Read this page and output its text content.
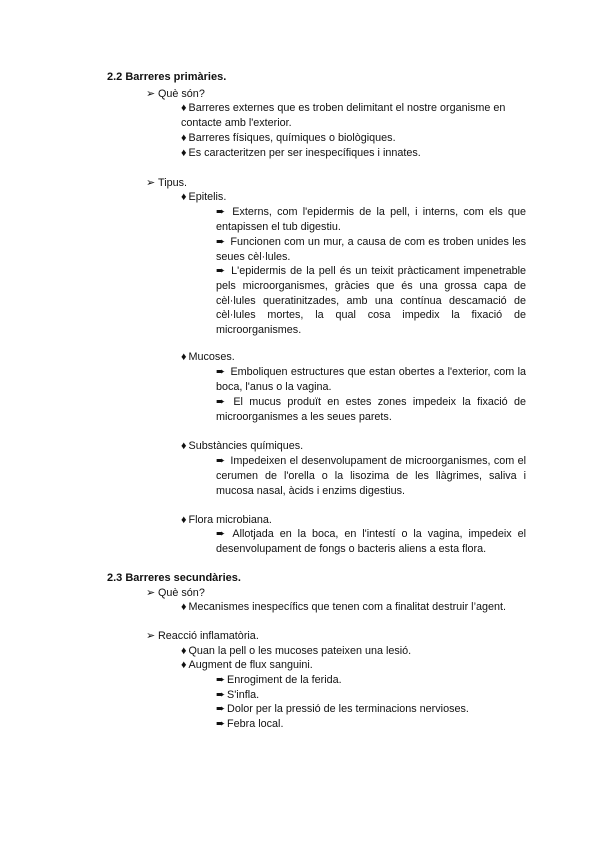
2.2 Barreres primàries.
➢ Què són?
♦ Barreres externes que es troben delimitant el nostre organisme en contacte amb l'exterior.
♦ Barreres físiques, químiques o biològiques.
♦ Es caracteritzen per ser inespecífiques i innates.
➢ Tipus.
♦ Epitelis.
➨ Externs, com l'epidermis de la pell, i interns, com els que entapissen el tub digestiu.
➨ Funcionen com un mur, a causa de com es troben unides les seues cèl·lules.
➨ L'epidermis de la pell és un teixit pràcticament impenetrable pels microorganismes, gràcies que és una grossa capa de cèl·lules queratinitzades, amb una contínua descamació de cèl·lules mortes, la qual cosa impedix la fixació de microorganismes.
♦ Mucoses.
➨ Emboliquen estructures que estan obertes a l'exterior, com la boca, l'anus o la vagina.
➨ El mucus produït en estes zones impedeix la fixació de microorganismes a les seues parets.
♦ Substàncies químiques.
➨ Impedeixen el desenvolupament de microorganismes, com el cerumen de l'orella o la lisozima de les llàgrimes, saliva i mucosa nasal, àcids i enzims digestius.
♦ Flora microbiana.
➨ Allotjada en la boca, en l'intestí o la vagina, impedeix el desenvolupament de fongs o bacteris aliens a esta flora.
2.3 Barreres secundàries.
➢ Què són?
♦ Mecanismes inespecífics que tenen com a finalitat destruir l’agent.
➢ Reacció inflamatòria.
♦ Quan la pell o les mucoses pateixen una lesió.
♦ Augment de flux sanguini.
➨ Enrogiment de la ferida.
➨ S'infla.
➨ Dolor per la pressió de les terminacions nervioses.
➨ Febra local.
